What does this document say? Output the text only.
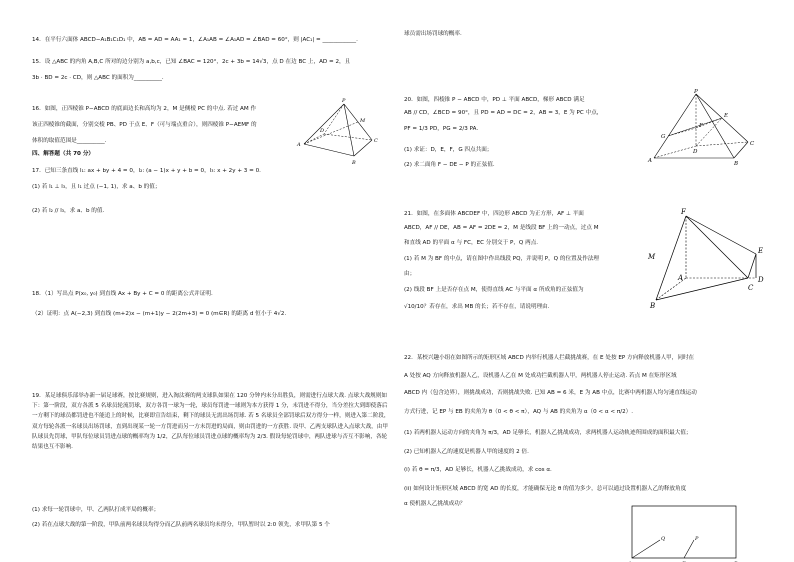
14．在平行六面体 ABCD−A₁B₁C₁D₁ 中，AB = AD = AA₁ = 1，∠A₁AB = ∠A₁AD = ∠BAD = 60°，则 |AC₁| = ____________.
15．设 △ABC 的内角 A,B,C 所对的边分别为 a,b,c，已知 ∠BAC = 120°，2c + 3b = 14√3，点 D 在边 BC 上，AD = 2，且
3b · BD = 2c · CD，则 △ABC 的面积为__________.
16．如图，正四棱锥 P−ABCD 的底面边长和高均为 2，M 是侧棱 PC 的中点. 若过 AM 作
该正四棱锥的截面，分别交棱 PB、PD 于点 E、F（可与端点重合），则四棱锥 P−AEMF 的
体积的取值范围是__________.
四、解答题（共 70 分）
17．已知三条直线 l₁: ax + by + 4 = 0，l₂: (a − 1)x + y + b = 0，l₃: x + 2y + 3 = 0.
(1) 若 l₁ ⊥ l₃，且 l₁ 过点 (−1, 1)，求 a、b 的值；
(2) 若 l₂ // l₃，求 a、b 的值.
18．（1）写出点 P(x₀, y₀) 到直线 Ax + By + C = 0 的距离公式并证明.
（2）证明：点 A(−2,3) 到直线 (m+2)x − (m+1)y − 2(2m+3) = 0 (m∈R) 的距离 d 恒小于 4√2.
19．某足球俱乐部举办新一届足球赛，按比赛规则，进入淘汰赛的两支球队如果在 120 分钟内未分出胜负，则需进行点球大战. 点球大战规则如下：第一阶段，双方各派 5 名球员轮流罚球，双方各罚一球为一轮，球员每罚进一球则为本方获得 1 分，未罚进不得分，当分差拉大到即使落后一方剩下的球员都罚进也不能追上的时候，比赛即宣告结束，剩下的球员无需出场罚球. 若 5 名球员全部罚球后双方得分一样，则进入第二阶段，双方每轮各派一名球员出场罚球，直到出现某一轮一方罚进而另一方未罚进的局面，则由罚进的一方获胜. 设甲、乙两支球队进入点球大战，由甲队球员先罚球，甲队每位球员罚进点球的概率均为 1/2，乙队每位球员罚进点球的概率均为 2/3. 假设每轮罚球中，两队进球与否互不影响，各轮结果也互不影响.
(1) 求每一轮罚球中，甲、乙两队打成平局的概率；
(2) 若在点球大战的第一阶段，甲队前两名球员均得分而乙队前两名球员均未得分，甲队暂时以 2:0 领先，求甲队第 5 个
P
A
B
C
D
M
球员需出场罚球的概率.
20．如图，四棱锥 P − ABCD 中，PD ⊥ 平面 ABCD，梯形 ABCD 满足
AB // CD，∠BCD = 90°，且 PD = AD = DC = 2，AB = 3，E 为 PC 中点，
PF = 1/3 PD，PG = 2/3 PA.
(1) 求证：D，E，F，G 四点共面；
(2) 求二面角 F − DE − P 的正弦值.
21．如图，在多面体 ABCDEF 中，四边形 ABCD 为正方形，AF ⊥ 平面
ABCD，AF // DE，AB = AF = 2DE = 2，M 是线段 BF 上的一动点，过点 M
和直线 AD 的平面 α 与 FC，EC 分别交于 P，Q 两点.
(1) 若 M 为 BF 的中点，请在图中作出线段 PQ，并说明 P，Q 的位置及作法理
由；
(2) 线段 BF 上是否存在点 M，使得直线 AC 与平面 α 所成角的正弦值为
√10/10？若存在，求出 MB 的长；若不存在，请说明理由.
22．某校兴趣小组在如图所示的矩形区域 ABCD 内举行机器人拦截挑战赛，在 E 处按 EP 方向释放机器人甲，同时在
A 处按 AQ 方向释放机器人乙，设机器人乙在 M 处成功拦截机器人甲，两机器人停止运动. 若点 M 在矩形区域
ABCD 内（包含边界），则挑战成功，否则挑战失败. 已知 AB = 6 米，E 为 AB 中点，比赛中两机器人均匀速直线运动
方式行进，记 EP 与 EB 的夹角为 θ（0 < θ < π），AQ 与 AB 的夹角为 α（0 < α < π/2）.
(1) 若两机器人运动方向的夹角为 π/3，AD 足够长，机器人乙挑战成功，求两机器人运动轨迹所围成的面积最大值；
(2) 已知机器人乙的速度是机器人甲的速度的 2 倍.
(i) 若 θ = π/3，AD 足够长，机器人乙挑战成功，求 cos α.
(ii) 如何设计矩形区域 ABCD 的宽 AD 的长度，才能确保无论 θ 的值为多少，总可以通过设置机器人乙的释放角度
α 使机器人乙挑战成功？
P
A	B
C
D
E
F
G
F
E
M
A
B
C
D
P
Q
